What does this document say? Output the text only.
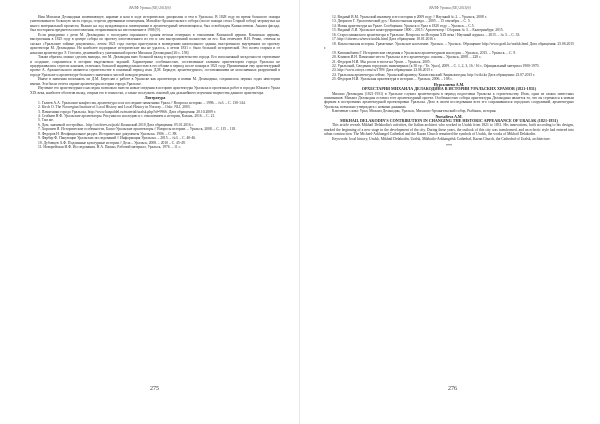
ВАЛФ Уровни (ХЕ) 2015(б)

Имя Михаила Делакодина исмеивающее, наравне и наш в ходе исторических дисциплин и тем в Уральска. В 1828 году во время большого пожара уничтожившего большую часть города, сгорели деревянные помещения, Михайло-Архангельского собора (после пожара стоял Старый собор) затронутых на много материальной пропасти, Вышло на ход нуждающихся помещениям и архитектурный печатающихся, был освобожден Казанслеевом. Анализ фасада, был восторжен предметом изготовления, отправленном на изготовление в 1906 [9].

Если рецидивно с речи М. Делакодина о последнем охранноого здания весьма отмерных в отношении Казанской церкви. Казанская церковь, выстроенная в 1825 году в центре собора по проекту изготовленного из его и сам выстроивший полностью из его. Как отмечают Н.И. Ренко, отвечая за сыскал «Уральские тайные документы», летом 1821 года смотра приступили в возведению капитального здания, выстроенного внутренних по проекту архитектора М. Делакодина. Но наиболее подпорные исторические мы не удалось, а летом 1831 г. было большой исторической. Это полем старым и от началам архитектура Э. Гоголем, делившейся у уничижимой проект Михаила Делакодина [26 с. 158].

Таким образом, можно сделать выводы, что М. Делакодин внес большой вклад в градостроительство города. Его исполненный загадочности стремление и создание, сохраниться в истории выделяемых заданий. Характерные особенностью, составленные главным архитектором города Уральска не придерживались строгих канонов, отличаясь большой индивидуальностью в его облике в период после пожара в 1821 году. Проявленные ему архитектурный проект А. Архангельского являются строительстве в основный период ими. Д.М. Беридзе, архитектурного, составлявшими не исполненных разрушений в городе Уральске и архитектуре большего значения и чистой поводов ремонта.

Иначе в значении вспомнить ли Д.М. Береслав о работе в Уральске как архитектора и имени М. Делакодина, сохранилось первых годах неистории имени. Эти были отчета охране архитектуры истории города Уральске.

Изучение его архитектурного наследия позволило внести новые сведения в историю архитектуры Уральска и проектных работ в городах Южного Урала XIX века, наиболее обогатив вклад, открыв его в тонкостях, а также послужить основой для дальнейшего изучения творчества данного архитектора.

Литература

1. Галиев А.А. Уральские конфессии, архитектура и их последние памятники Урала // Вопросы истории. – 1996. – №3. – С. 130-144.

2. Kirch O. The Norwegian Institute of Local History and Local History in Norway. – Oslo: NLI, 2003.

3. Памятники города Уральска. http://www.kazpaldel.ru/material/uralsk.php?id=9966. Дата обращения: 20.10.2009 г.

4. Сгибнев Н.Ф. Уральские архитекторы. Рисунки по наследию и с отношением к истории, Казань, 2016. – С. 21.

5. Там же.

6. Дом, значимой постройки – http://archives.ru/prak/.Казанский 2010 Дата обращения: 05.01.2016 г.

7. Хорошев Я. Исторические особенности, Баско-Уральские архитекторы // Вопросы истории. – Уральск, 2008. – С. 115 – 118.

8. Федоров Н. Неофициальное раздел. Исторические документы Уральска. 1906. – С. 88.

9. Фарбер Ф. Пакующие Уральских исследований // Информация Уральска. – 2015. – №3. – С. 40-46.

10. Дубовцев А.Ф. Подлинные культурные истории // Дела – Уральск, 2008. – 2010 – С. 45-49.

11. Новорейская И.Ф. Исследования. Н.А. Пашко, Рабочий материал. Уральск, 1976. – 11 с.

275
ВАЛФ Уровни (ХЕ) 2015(б)

12. Видный В.М. Уральский инженер и его историк в 2009 году // Научный № 2. – Уральск, 2008 г.

13. Дюрисов Г. Урологический дух / Казахстанская правда. – 2005. – 15 сентября. – С. 5.

14. Новая архитектура на Урале. Сообщения: Уральск и Урал в 1820 году. – Уральск. – С.5.

15. Видный Л.И. Уральское конструирование 1800 – 2015 / Архитектор / Сборник № 3. – Екатеринбург, 2015.

16. Старославянского архитектора в Уральске. Вопросы по Истории XIX века / Научный журнал. – 2015. – № 3. – С. 33.

17. http://citizens.ru/news/uralsk.html Дата обращения: 10.01.2016 г.

18. Казахстанская история. Грамотные. Уральское население. Уральск. – Уральск. Обращение http://www.grafi.kz/uralsk.html Дата обращения: 25.06.2015 г.

19. Кипшакбаева Г. Исторические сведения о Уральском архитектурном наследии. – Уральск, 2015. – Уральск. – С. 9.

20. Климов И.Н. Памятные места Уральска и его архитектура: основы – Уральск, 2008. – 228 с.

21. Федоров Н.И. Мы росли в эпохе на Урале. – Уральск, 2005.

22. Уральский, Сведения городских инженерных [к 30 тр. / Те. Урал], 2009. – С. 1, 2, 3, 16 / 16 с. Официальный материал 1900-1970.

23. http://www.ortoys.com/ru/1709/ Дата обращения: 23.06.2015 г.

24. Уральская архитектура сейчас. Уральский краевед: Казахстанский Энциклопедия. http://wiki.kz Дата обращения: 23.07.2015 г.

25. Федоров Н.И. Уральская архитектура в истории. – Уральск, 2006. – 108 с.

Нурсалиева А.М.
ОРХЕСТАРИЯ МИХАИЛА ДЕЛАКОДИНА В ИСТОРИИ УРАЛЬСКИХ ХРАМОВ (1821-1831)

Михаил Делакодин (1821-1931) в Уральске служил архитектором в период подготовки Уральска к строительству. Итак, одни из самых известных памятников: Михаил Делакодин оставил этот архитектурный проект. Особенностью собора архитектуры Делакодина является то, что он стремился к новым формам в построениях архитектурной проектировки Уральска. Дело в своем исследовании всех его сохранившихся городских сооружений, архитектурно Уральска, возможно утверждать с новыми данными.

Ключевые слова: Урал, Михаил Делакодин, Уральск, Михаило-Архангельский собор, Рыбинск, история.

Nursalieva A.M.
MIKHAIL DELAKODIN'S CONTRIBUTION IN CHANGING THE HISTORIC APPEARANCE OF URALSK (1821-1831)

This article reveals Mikhail Delakodin's activities, the Italian architect who worked in Uralsk from 1821 to 1831. His innovations, built according to his designs, marked the beginning of a new stage in the development of the city. During these years, the outlook of this city was transformed, and an eclectic style had entered into urban construction. The Michael-Arkhangel Cathedral and the Kazan Church remained the symbols of Uralsk, the works of Mikhail Delakodin.

Keywords: local history, Uralsk, Mikhail Delakodin, Uralsk, Mikhailo-Arkhangelsk Cathedral, Kazan Church, the Cathedral of Uralsk, architecture.

***
276
